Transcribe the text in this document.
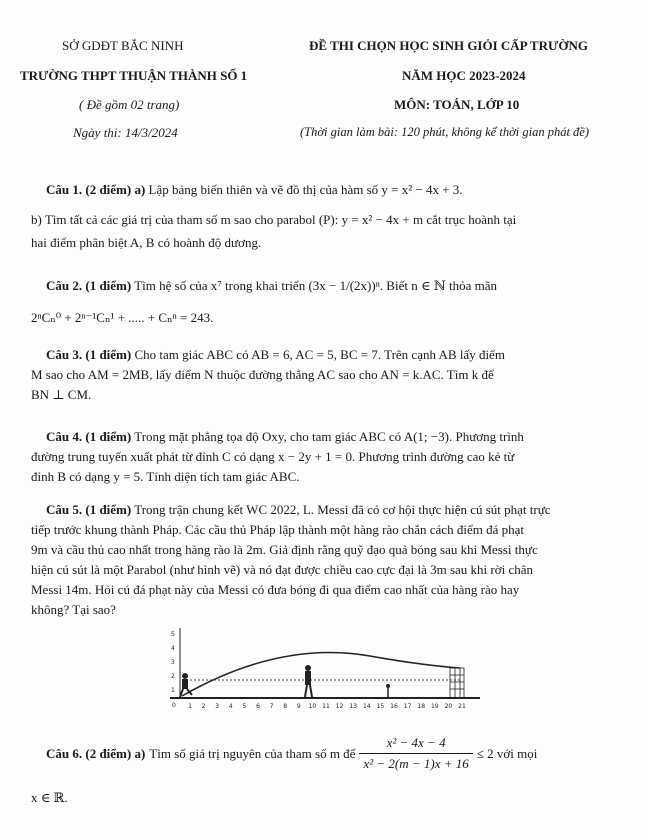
SỞ GDĐT BẮC NINH
TRƯỜNG THPT THUẬN THÀNH SỐ 1
( Đề gồm 02 trang)
Ngày thi: 14/3/2024
ĐỀ THI CHỌN HỌC SINH GIỎI CẤP TRƯỜNG
NĂM HỌC 2023-2024
MÔN: TOÁN, LỚP 10
(Thời gian làm bài: 120 phút, không kể thời gian phát đề)
Câu 1. (2 điểm) a) Lập bảng biến thiên và vẽ đồ thị của hàm số y = x² − 4x + 3.
b) Tìm tất cả các giá trị của tham số m sao cho parabol (P): y = x² − 4x + m cắt trục hoành tại
hai điểm phân biệt A, B có hoành độ dương.
Câu 2. (1 điểm) Tìm hệ số của x⁷ trong khai triển (3x − 1/(2x))ⁿ. Biết n ∈ ℕ thỏa mãn
2ⁿCₙ⁰ + 2ⁿ⁻¹Cₙ¹ + ..... + Cₙⁿ = 243.
Câu 3. (1 điểm) Cho tam giác ABC có AB = 6, AC = 5, BC = 7. Trên cạnh AB lấy điểm
M sao cho AM = 2MB, lấy điểm N thuộc đường thẳng AC sao cho AN = k.AC. Tìm k để
BN ⊥ CM.
Câu 4. (1 điểm) Trong mặt phẳng tọa độ Oxy, cho tam giác ABC có A(1; −3). Phương trình
đường trung tuyến xuất phát từ đỉnh C có dạng x − 2y + 1 = 0. Phương trình đường cao kẻ từ
đỉnh B có dạng y = 5. Tính diện tích tam giác ABC.
Câu 5. (1 điểm) Trong trận chung kết WC 2022, L. Messi đã có cơ hội thực hiện cú sút phạt trực
tiếp trước khung thành Pháp. Các cầu thủ Pháp lập thành một hàng rào chắn cách điểm đá phạt
9m và cầu thủ cao nhất trong hàng rào là 2m. Giả định rằng quỹ đạo quả bóng sau khi Messi thực
hiện cú sút là một Parabol (như hình vẽ) và nó đạt được chiều cao cực đại là 3m sau khi rời chân
Messi 14m. Hỏi cú đá phạt này của Messi có đưa bóng đi qua điểm cao nhất của hàng rào hay
không? Tại sao?
5
4
3
2
1
0 1 2 3 4 5 6 7 8 9 10 11 12 13 14 15 16 17 18 19 20 21
Câu 6. (2 điểm) a) Tìm số giá trị nguyên của tham số m để $\frac{\text{x² − 4x − 4}}{\text{x² − 2(m − 1)x + 16}} \le 2$ với mọi
x ∈ ℝ.
